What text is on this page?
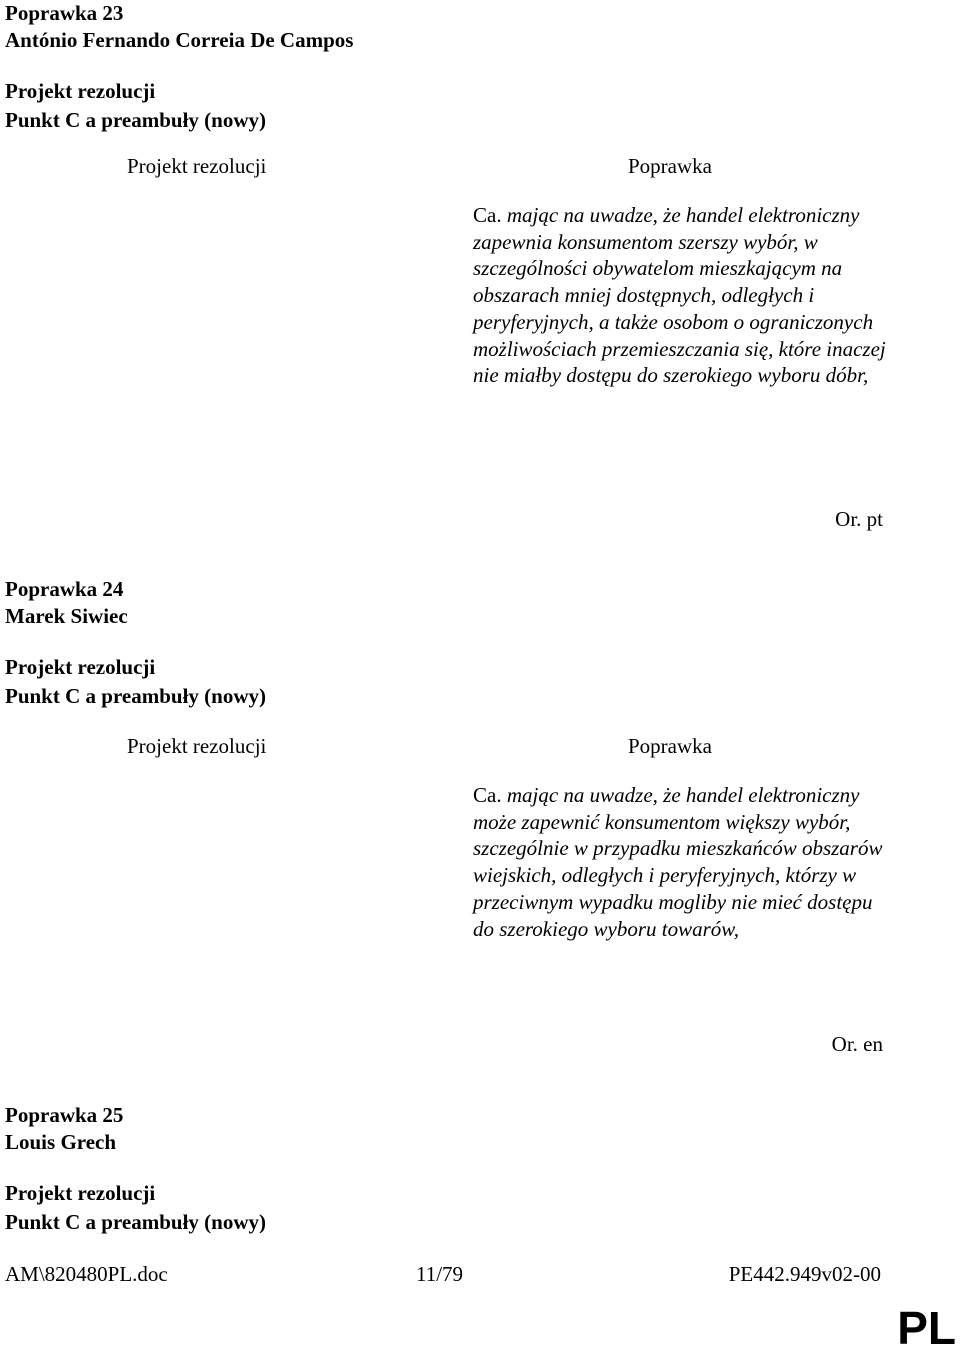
Poprawka 23

António Fernando Correia De Campos

Projekt rezolucji

Punkt C a preambuły (nowy)

Projekt rezolucji	Poprawka
Ca. mając na uwadze, że handel elektroniczny zapewnia konsumentom szerszy wybór, w szczególności obywatelom mieszkającym na obszarach mniej dostępnych, odległych i peryferyjnych, a także osobom o ograniczonych możliwościach przemieszczania się, które inaczej nie miałby dostępu do szerokiego wyboru dóbr,
Or. pt

Poprawka 24

Marek Siwiec

Projekt rezolucji

Punkt C a preambuły (nowy)

Projekt rezolucji	Poprawka
Ca. mając na uwadze, że handel elektroniczny może zapewnić konsumentom większy wybór, szczególnie w przypadku mieszkańców obszarów wiejskich, odległych i peryferyjnych, którzy w przeciwnym wypadku mogliby nie mieć dostępu do szerokiego wyboru towarów,
Or. en

Poprawka 25

Louis Grech

Projekt rezolucji

Punkt C a preambuły (nowy)

AM\820480PL.doc	11/79	PE442.949v02-00
PL
